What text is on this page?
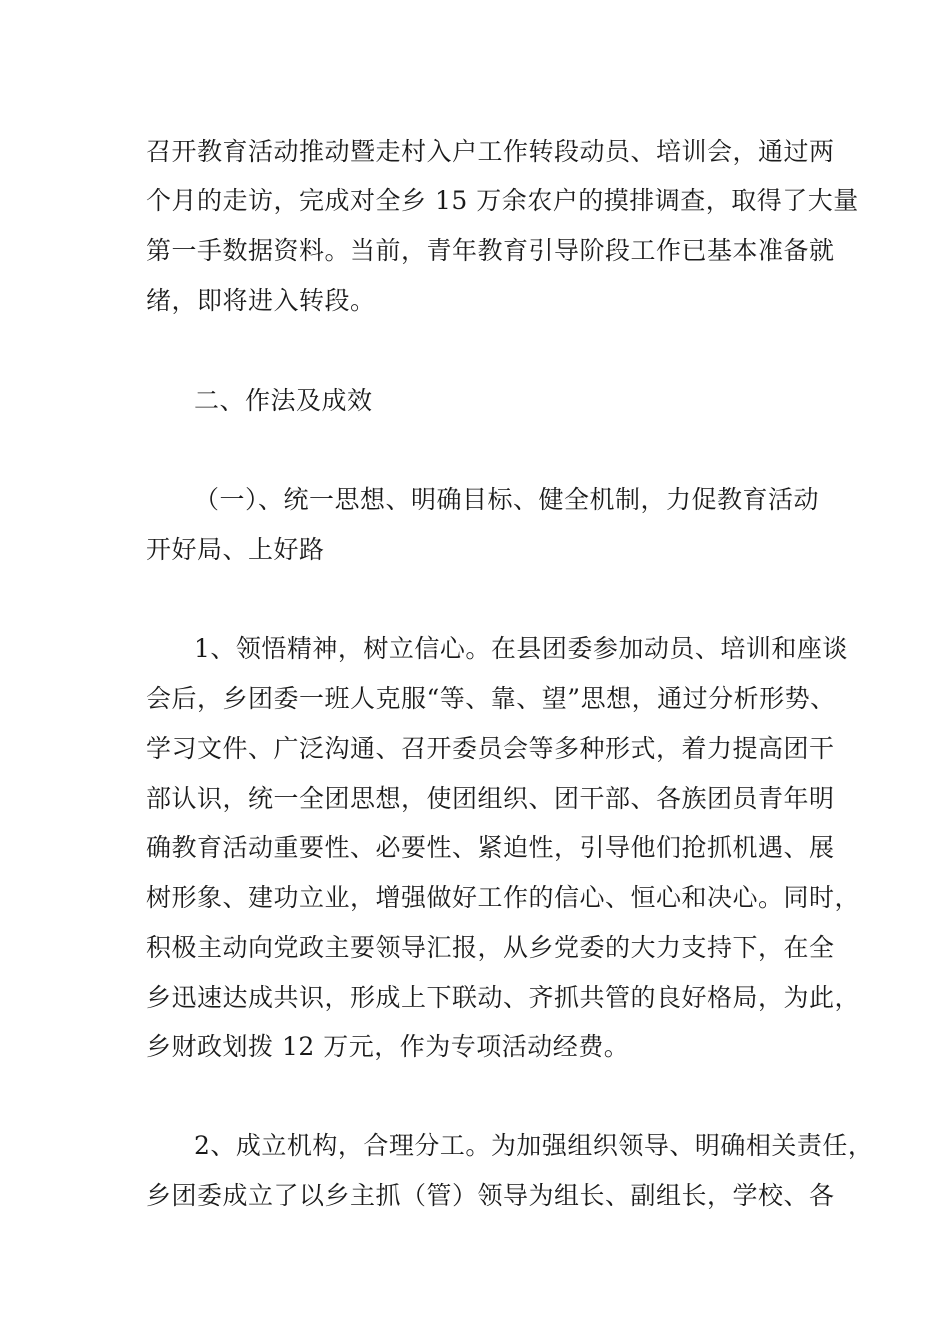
召开教育活动推动暨走村入户工作转段动员、培训会，通过两
个月的走访，完成对全乡 15 万余农户的摸排调查，取得了大量
第一手数据资料。当前，青年教育引导阶段工作已基本准备就
绪，即将进入转段。
二、作法及成效
（一）、统一思想、明确目标、健全机制，力促教育活动
开好局、上好路
1、领悟精神，树立信心。在县团委参加动员、培训和座谈
会后，乡团委一班人克服“等、靠、望”思想，通过分析形势、
学习文件、广泛沟通、召开委员会等多种形式，着力提高团干
部认识，统一全团思想，使团组织、团干部、各族团员青年明
确教育活动重要性、必要性、紧迫性，引导他们抢抓机遇、展
树形象、建功立业，增强做好工作的信心、恒心和决心。同时，
积极主动向党政主要领导汇报，从乡党委的大力支持下，在全
乡迅速达成共识，形成上下联动、齐抓共管的良好格局，为此，
乡财政划拨 12 万元，作为专项活动经费。
2、成立机构，合理分工。为加强组织领导、明确相关责任，
乡团委成立了以乡主抓（管）领导为组长、副组长，学校、各
